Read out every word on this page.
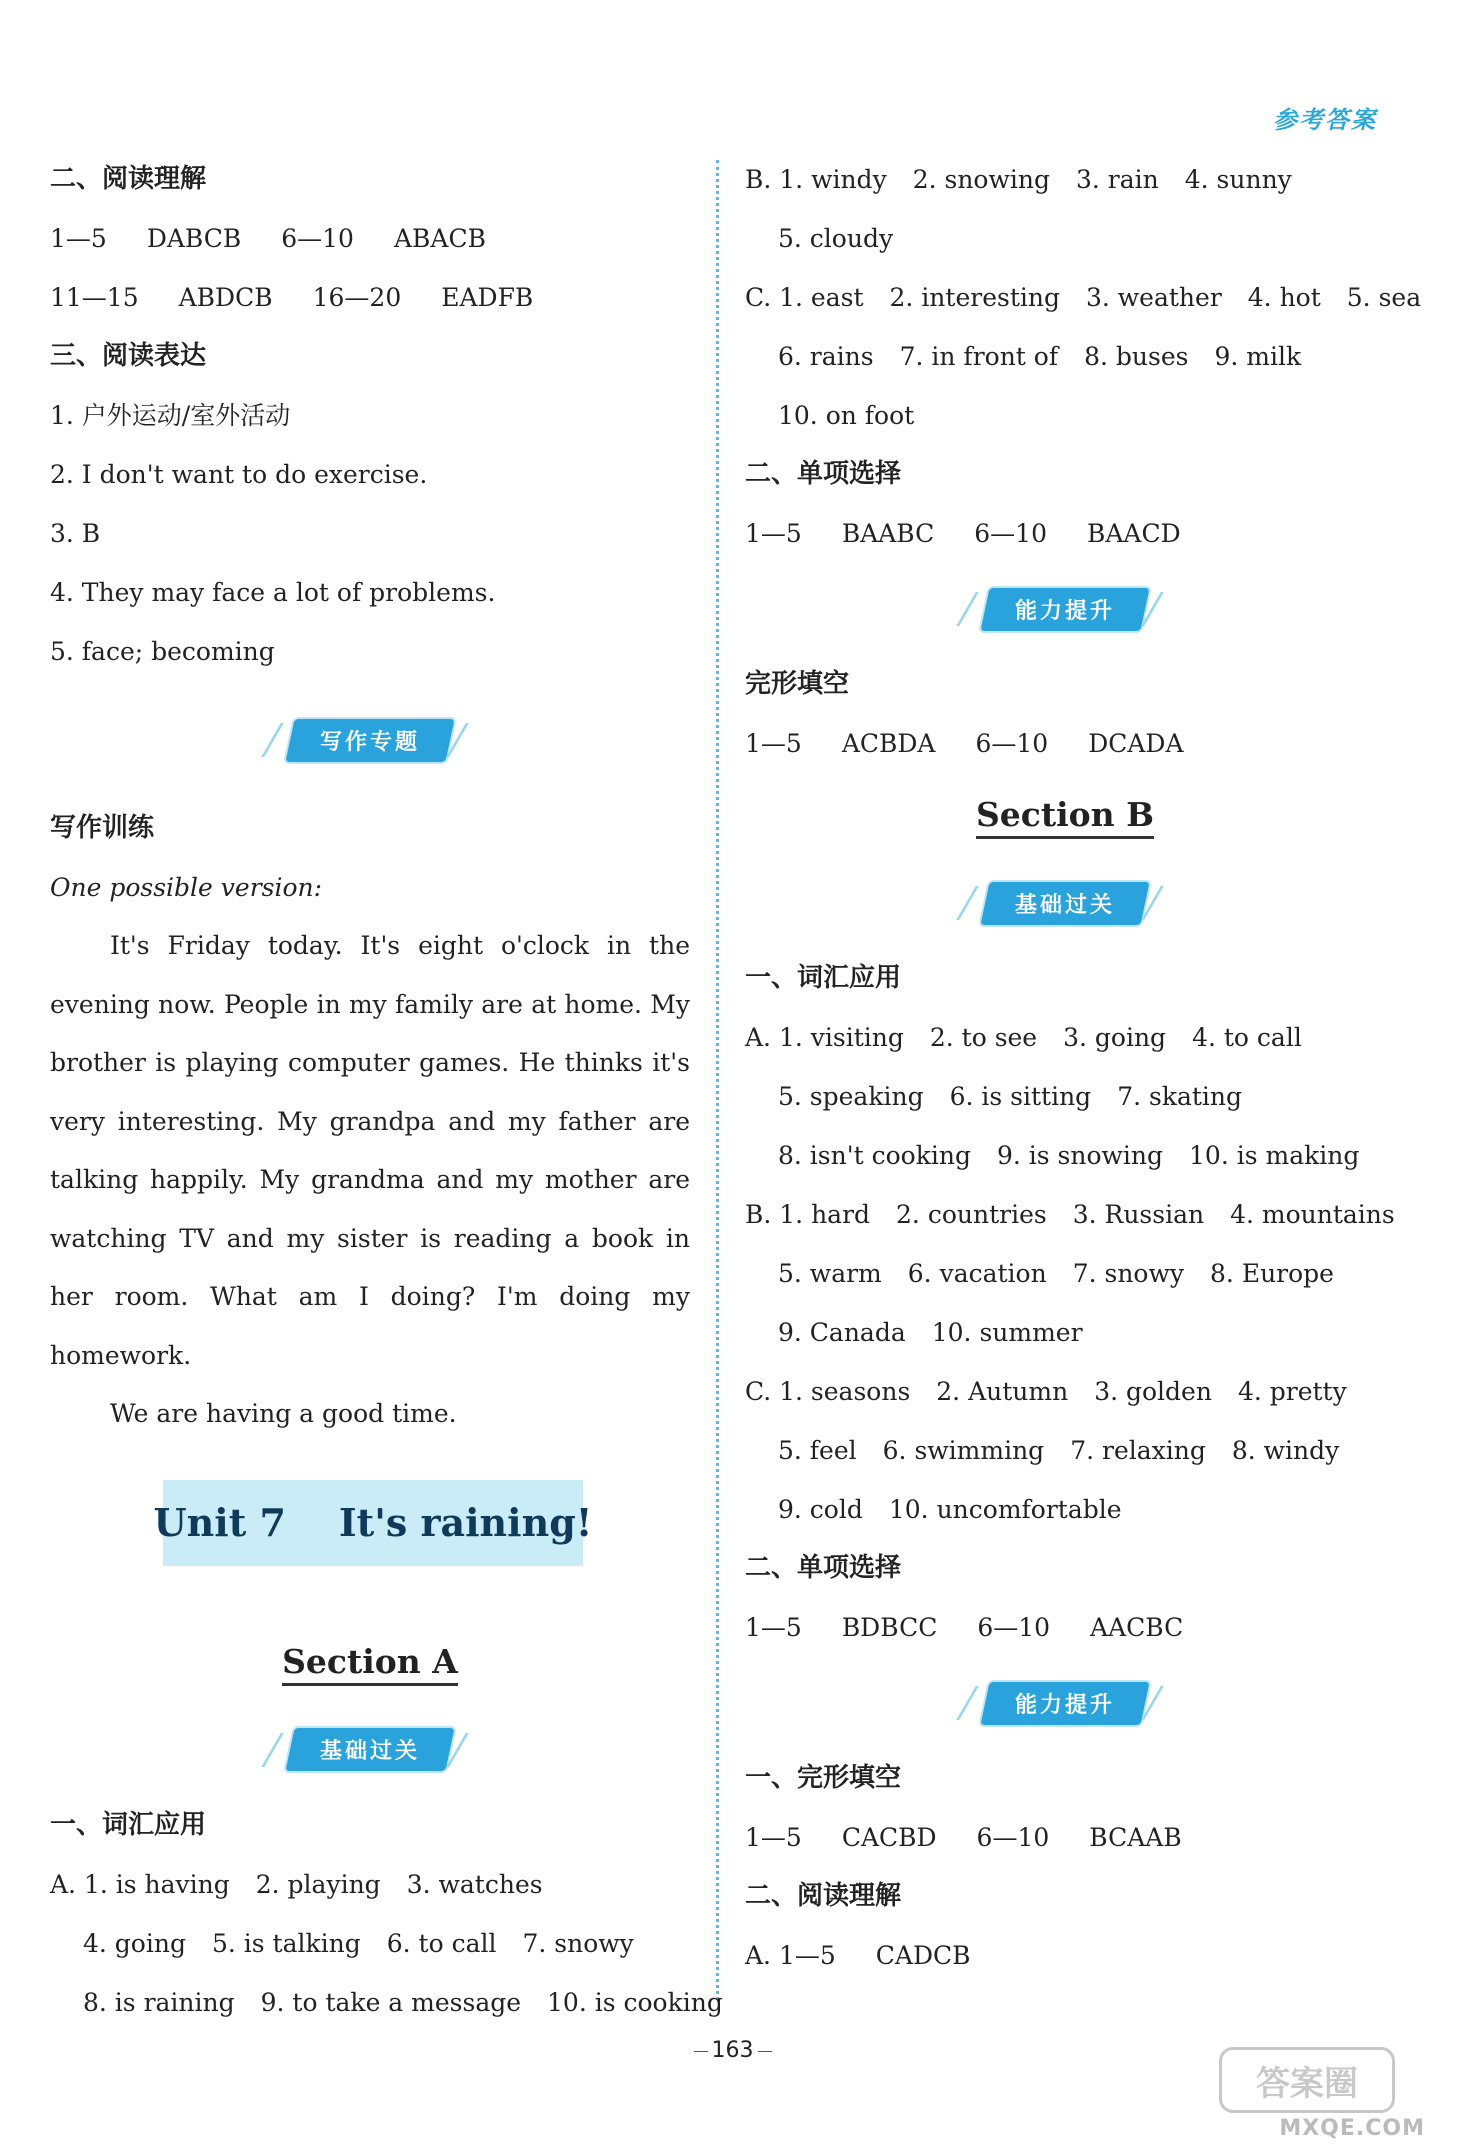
参考答案
二、阅读理解
1—5 DABCB 6—10 ABACB
11—15 ABDCB 16—20 EADFB
三、阅读表达
1. 户外运动/室外活动
2. I don't want to do exercise.
3. B
4. They may face a lot of problems.
5. face; becoming
写作专题
写作训练
One possible version:

It's Friday today. It's eight o'clock in the evening now. People in my family are at home. My brother is playing computer games. He thinks it's very interesting. My grandpa and my father are talking happily. My grandma and my mother are watching TV and my sister is reading a book in her room. What am I doing? I'm doing my homework.

We are having a good time.

Unit 7    It's raining!
Section A
基础过关
一、词汇应用
A. 1. is having 2. playing 3. watches
4. going 5. is talking 6. to call 7. snowy
8. is raining 9. to take a message 10. is cooking
B. 1. windy 2. snowing 3. rain 4. sunny
5. cloudy
C. 1. east 2. interesting 3. weather 4. hot 5. sea
6. rains 7. in front of 8. buses 9. milk
10. on foot
二、单项选择
1—5 BAABC 6—10 BAACD
能力提升
完形填空
1—5 ACBDA 6—10 DCADA
Section B
基础过关
一、词汇应用
A. 1. visiting 2. to see 3. going 4. to call
5. speaking 6. is sitting 7. skating
8. isn't cooking 9. is snowing 10. is making
B. 1. hard 2. countries 3. Russian 4. mountains
5. warm 6. vacation 7. snowy 8. Europe
9. Canada 10. summer
C. 1. seasons 2. Autumn 3. golden 4. pretty
5. feel 6. swimming 7. relaxing 8. windy
9. cold 10. uncomfortable
二、单项选择
1—5 BDBCC 6—10 AACBC
能力提升
一、完形填空
1—5 CACBD 6—10 BCAAB
二、阅读理解
A. 1—5 CADCB
163
答案圈
MXQE.COM
